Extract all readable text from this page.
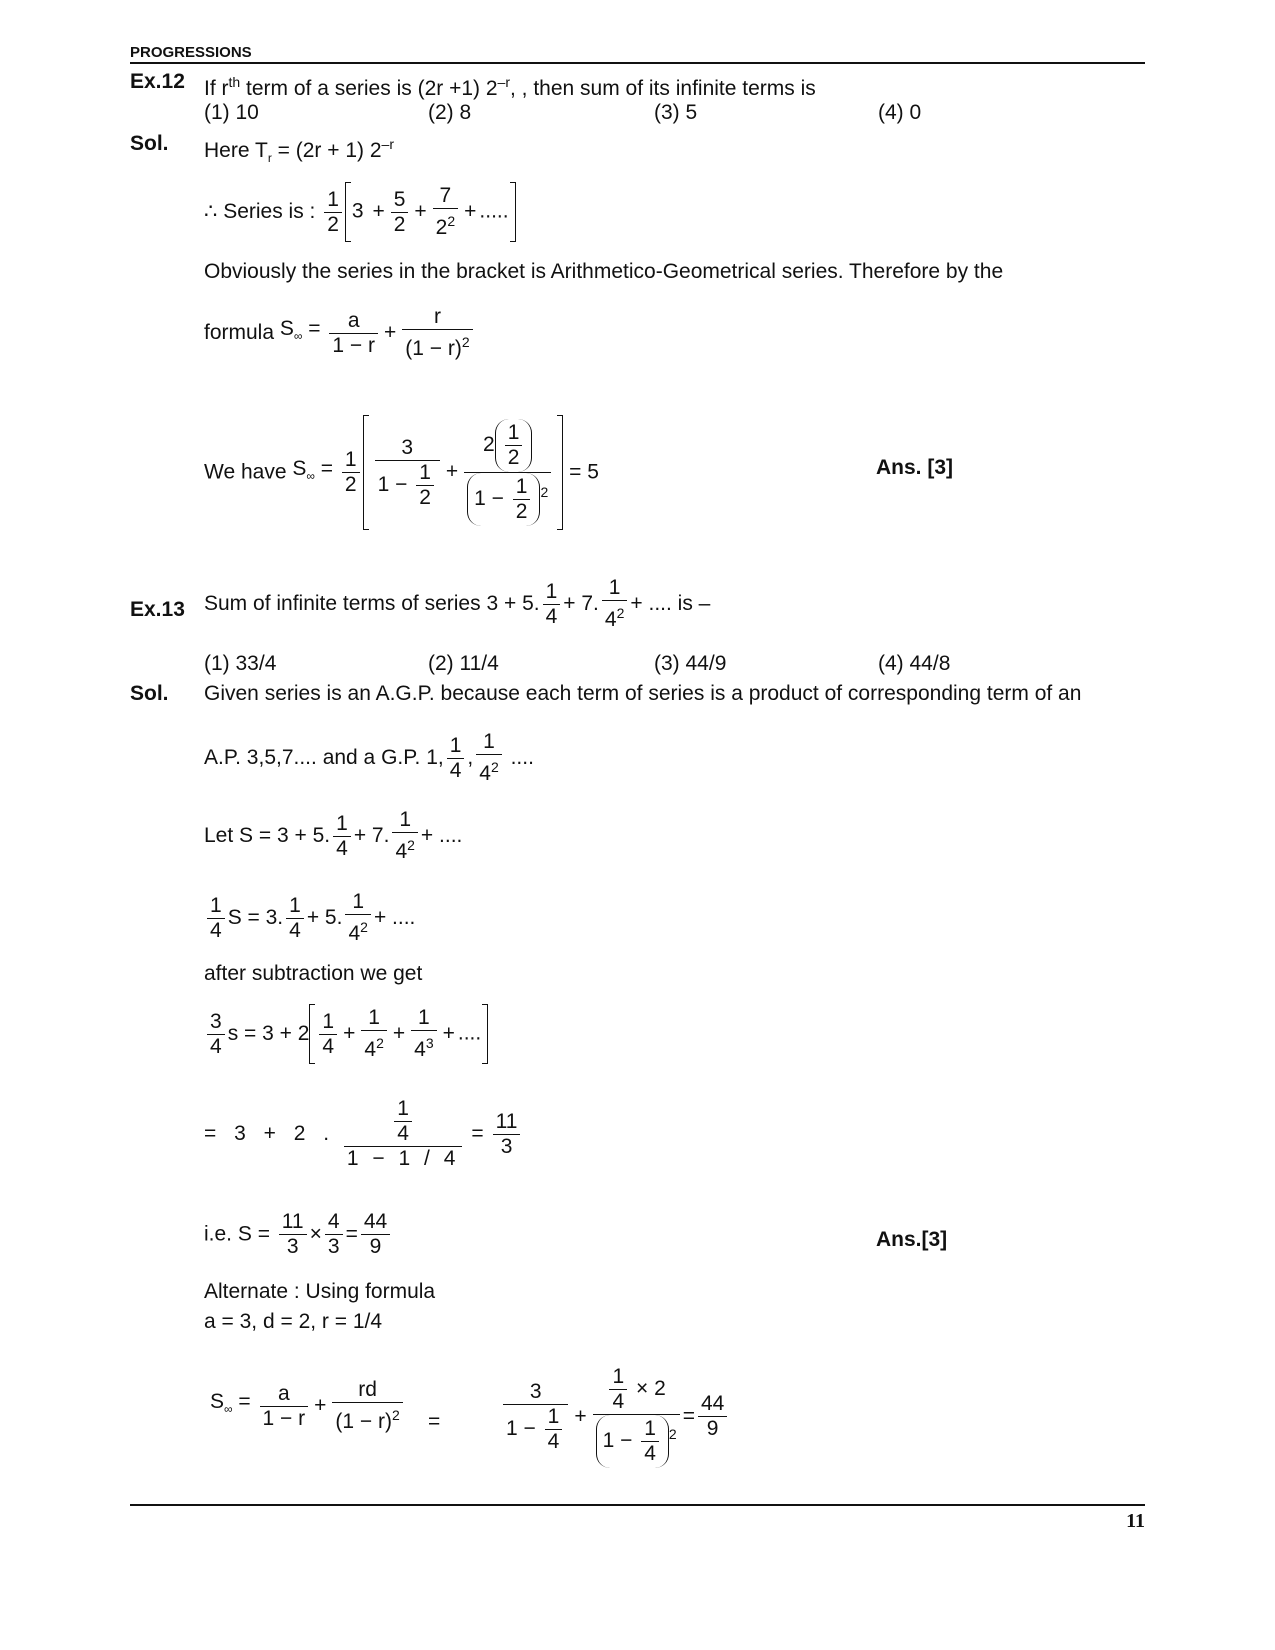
PROGRESSIONS
Ex.12 If $r^{th}$ term of a series is (2r +1) $2^{-r}$, , then sum of its infinite terms is
(1) 10	(2) 8	(3) 5	(4) 0
Sol. Here $T_r = (2r + 1)$ $2^{-r}$
∴ Series is : $\frac{1}{2} 3 + \frac{5}{2} + \frac{7}{2^2}$ + .....
Obviously the series in the bracket is Arithmetico-Geometrical series. Therefore by the
formula $S_\infty = \frac{a}{1 - r} + \frac{r}{(1 - r)^2}$
We have $S_\infty = \frac{1}{2} \frac{3}{1 - \frac{1}{2}} + \frac{2 \frac{1}{2}}{1 - \frac{1}{2} ^2} = 5$	Ans. [3]
Ex.13 Sum of infinite terms of series 3 + 5. $\frac{1}{4} + 7$. $\frac{1}{4^2}$ + .... is –
(1) 33/4	(2) 11/4	(3) 44/9	(4) 44/8
Sol. Given series is an A.G.P. because each term of series is a product of corresponding term of an
A.P. 3,5,7.... and a G.P. 1, $\frac{1}{4}$ , $\frac{1}{4^2}$ ....
Let S = 3 + 5. $\frac{1}{4} + 7$. $\frac{1}{4^2}$ + ....
$\frac{1}{4}$ S = 3. $\frac{1}{4} + 5$. $\frac{1}{4^2}$ + ....
after subtraction we get
$\frac{3}{4}$ $s = 3 + 2 \frac{1}{4} + \frac{1}{4^2} + \frac{1}{4^3}$ + ....
= 3 + 2 . $\frac{\frac{1}{4}}{1 - 1 / 4} = \frac{11}{3}$
i.e. $S = \frac{11}{3} \times \frac{4}{3} = \frac{44}{9}$	Ans.[3]
Alternate : Using formula
a = 3, d = 2, r = 1/4
$S_\infty = \frac{a}{1 - r} + \frac{rd}{(1 - r)^2}$ =	$\frac{3}{1 - \frac{1}{4}} + \frac{\frac{1}{4} \times 2}{1 - \frac{1}{4} ^2} = \frac{44}{9}$
11
